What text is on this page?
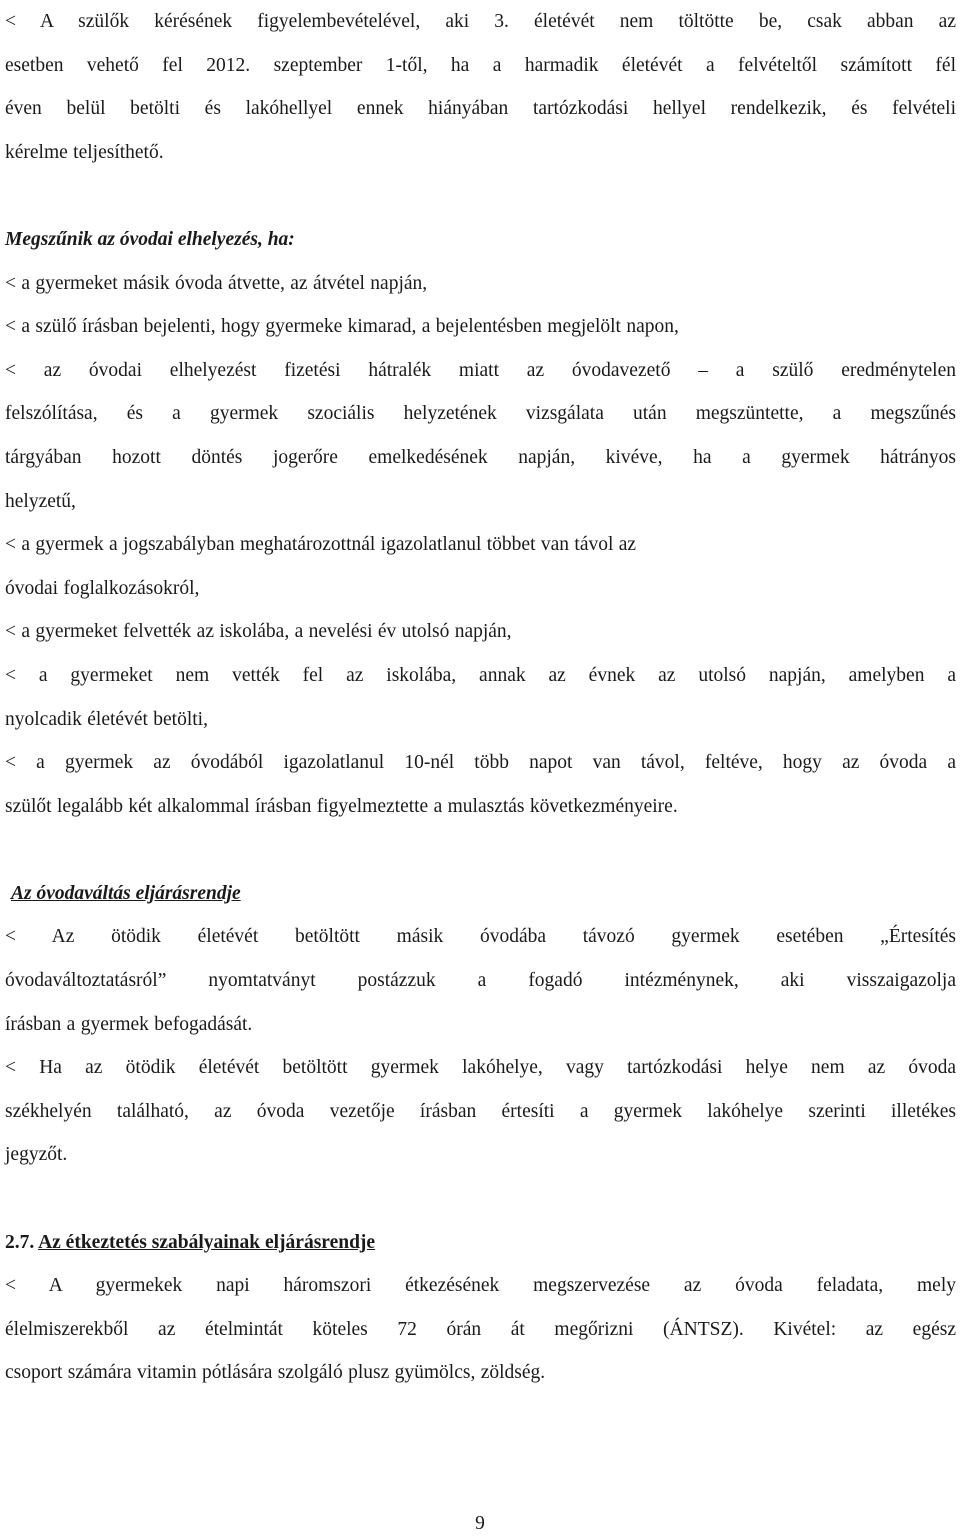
< A szülők kérésének figyelembevételével, aki 3. életévét nem töltötte be, csak abban az
esetben vehető fel 2012. szeptember 1-től, ha a harmadik életévét a felvételtől számított fél
éven belül betölti és lakóhellyel ennek hiányában tartózkodási hellyel rendelkezik, és felvételi
kérelme teljesíthető.
Megszűnik az óvodai elhelyezés, ha:
< a gyermeket másik óvoda átvette, az átvétel napján,
< a szülő írásban bejelenti, hogy gyermeke kimarad, a bejelentésben megjelölt napon,
< az óvodai elhelyezést fizetési hátralék miatt az óvodavezető – a szülő eredménytelen
felszólítása, és a gyermek szociális helyzetének vizsgálata után megszüntette, a megszűnés
tárgyában hozott döntés jogerőre emelkedésének napján, kivéve, ha a gyermek hátrányos
helyzetű,
< a gyermek a jogszabályban meghatározottnál igazolatlanul többet van távol az
óvodai foglalkozásokról,
< a gyermeket felvették az iskolába, a nevelési év utolsó napján,
< a gyermeket nem vették fel az iskolába, annak az évnek az utolsó napján, amelyben a
nyolcadik életévét betölti,
< a gyermek az óvodából igazolatlanul 10-nél több napot van távol, feltéve, hogy az óvoda a
szülőt legalább két alkalommal írásban figyelmeztette a mulasztás következményeire.
Az óvodaváltás eljárásrendje
< Az ötödik életévét betöltött másik óvodába távozó gyermek esetében „Értesítés
óvodaváltoztatásról” nyomtatványt postázzuk a fogadó intézménynek, aki visszaigazolja
írásban a gyermek befogadását.
< Ha az ötödik életévét betöltött gyermek lakóhelye, vagy tartózkodási helye nem az óvoda
székhelyén található, az óvoda vezetője írásban értesíti a gyermek lakóhelye szerinti illetékes
jegyzőt.
2.7. Az étkeztetés szabályainak eljárásrendje
< A gyermekek napi háromszori étkezésének megszervezése az óvoda feladata, mely
élelmiszerekből az ételmintát köteles 72 órán át megőrizni (ÁNTSZ). Kivétel: az egész
csoport számára vitamin pótlására szolgáló plusz gyümölcs, zöldség.
9
